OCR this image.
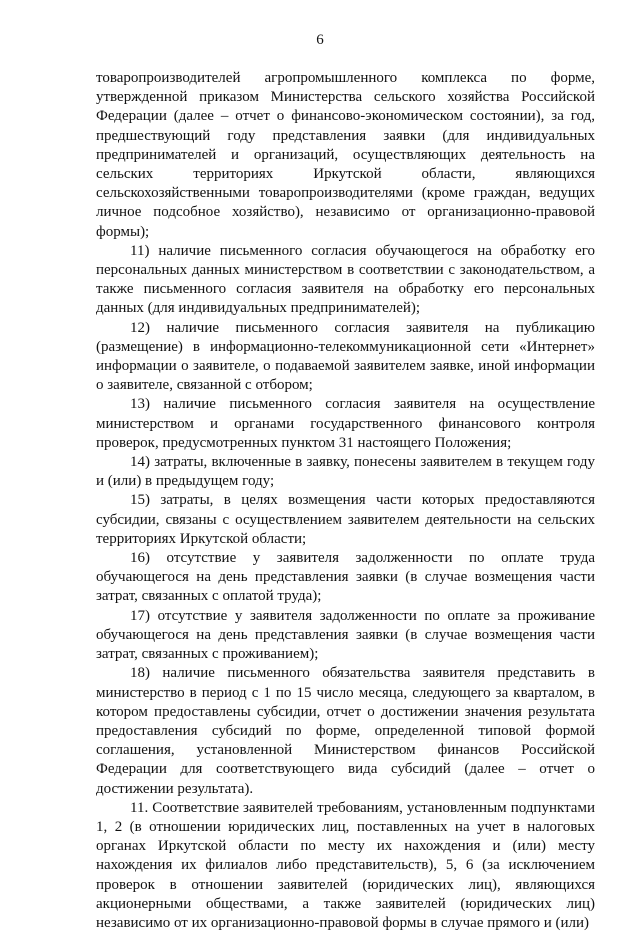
6

товаропроизводителей агропромышленного комплекса по форме, утвержденной приказом Министерства сельского хозяйства Российской Федерации (далее – отчет о финансово-экономическом состоянии), за год, предшествующий году представления заявки (для индивидуальных предпринимателей и организаций, осуществляющих деятельность на сельских территориях Иркутской области, являющихся сельскохозяйственными товаропроизводителями (кроме граждан, ведущих личное подсобное хозяйство), независимо от организационно-правовой формы);

11) наличие письменного согласия обучающегося на обработку его персональных данных министерством в соответствии с законодательством, а также письменного согласия заявителя на обработку его персональных данных (для индивидуальных предпринимателей);

12) наличие письменного согласия заявителя на публикацию (размещение) в информационно-телекоммуникационной сети «Интернет» информации о заявителе, о подаваемой заявителем заявке, иной информации о заявителе, связанной с отбором;

13) наличие письменного согласия заявителя на осуществление министерством и органами государственного финансового контроля проверок, предусмотренных пунктом 31 настоящего Положения;

14) затраты, включенные в заявку, понесены заявителем в текущем году и (или) в предыдущем году;

15) затраты, в целях возмещения части которых предоставляются субсидии, связаны с осуществлением заявителем деятельности на сельских территориях Иркутской области;

16) отсутствие у заявителя задолженности по оплате труда обучающегося на день представления заявки (в случае возмещения части затрат, связанных с оплатой труда);

17) отсутствие у заявителя задолженности по оплате за проживание обучающегося на день представления заявки (в случае возмещения части затрат, связанных с проживанием);

18) наличие письменного обязательства заявителя представить в министерство в период с 1 по 15 число месяца, следующего за кварталом, в котором предоставлены субсидии, отчет о достижении значения результата предоставления субсидий по форме, определенной типовой формой соглашения, установленной Министерством финансов Российской Федерации для соответствующего вида субсидий (далее – отчет о достижении результата).

11. Соответствие заявителей требованиям, установленным подпунктами 1, 2 (в отношении юридических лиц, поставленных на учет в налоговых органах Иркутской области по месту их нахождения и (или) месту нахождения их филиалов либо представительств), 5, 6 (за исключением проверок в отношении заявителей (юридических лиц), являющихся акционерными обществами, а также заявителей (юридических лиц) независимо от их организационно-правовой формы в случае прямого и (или)
